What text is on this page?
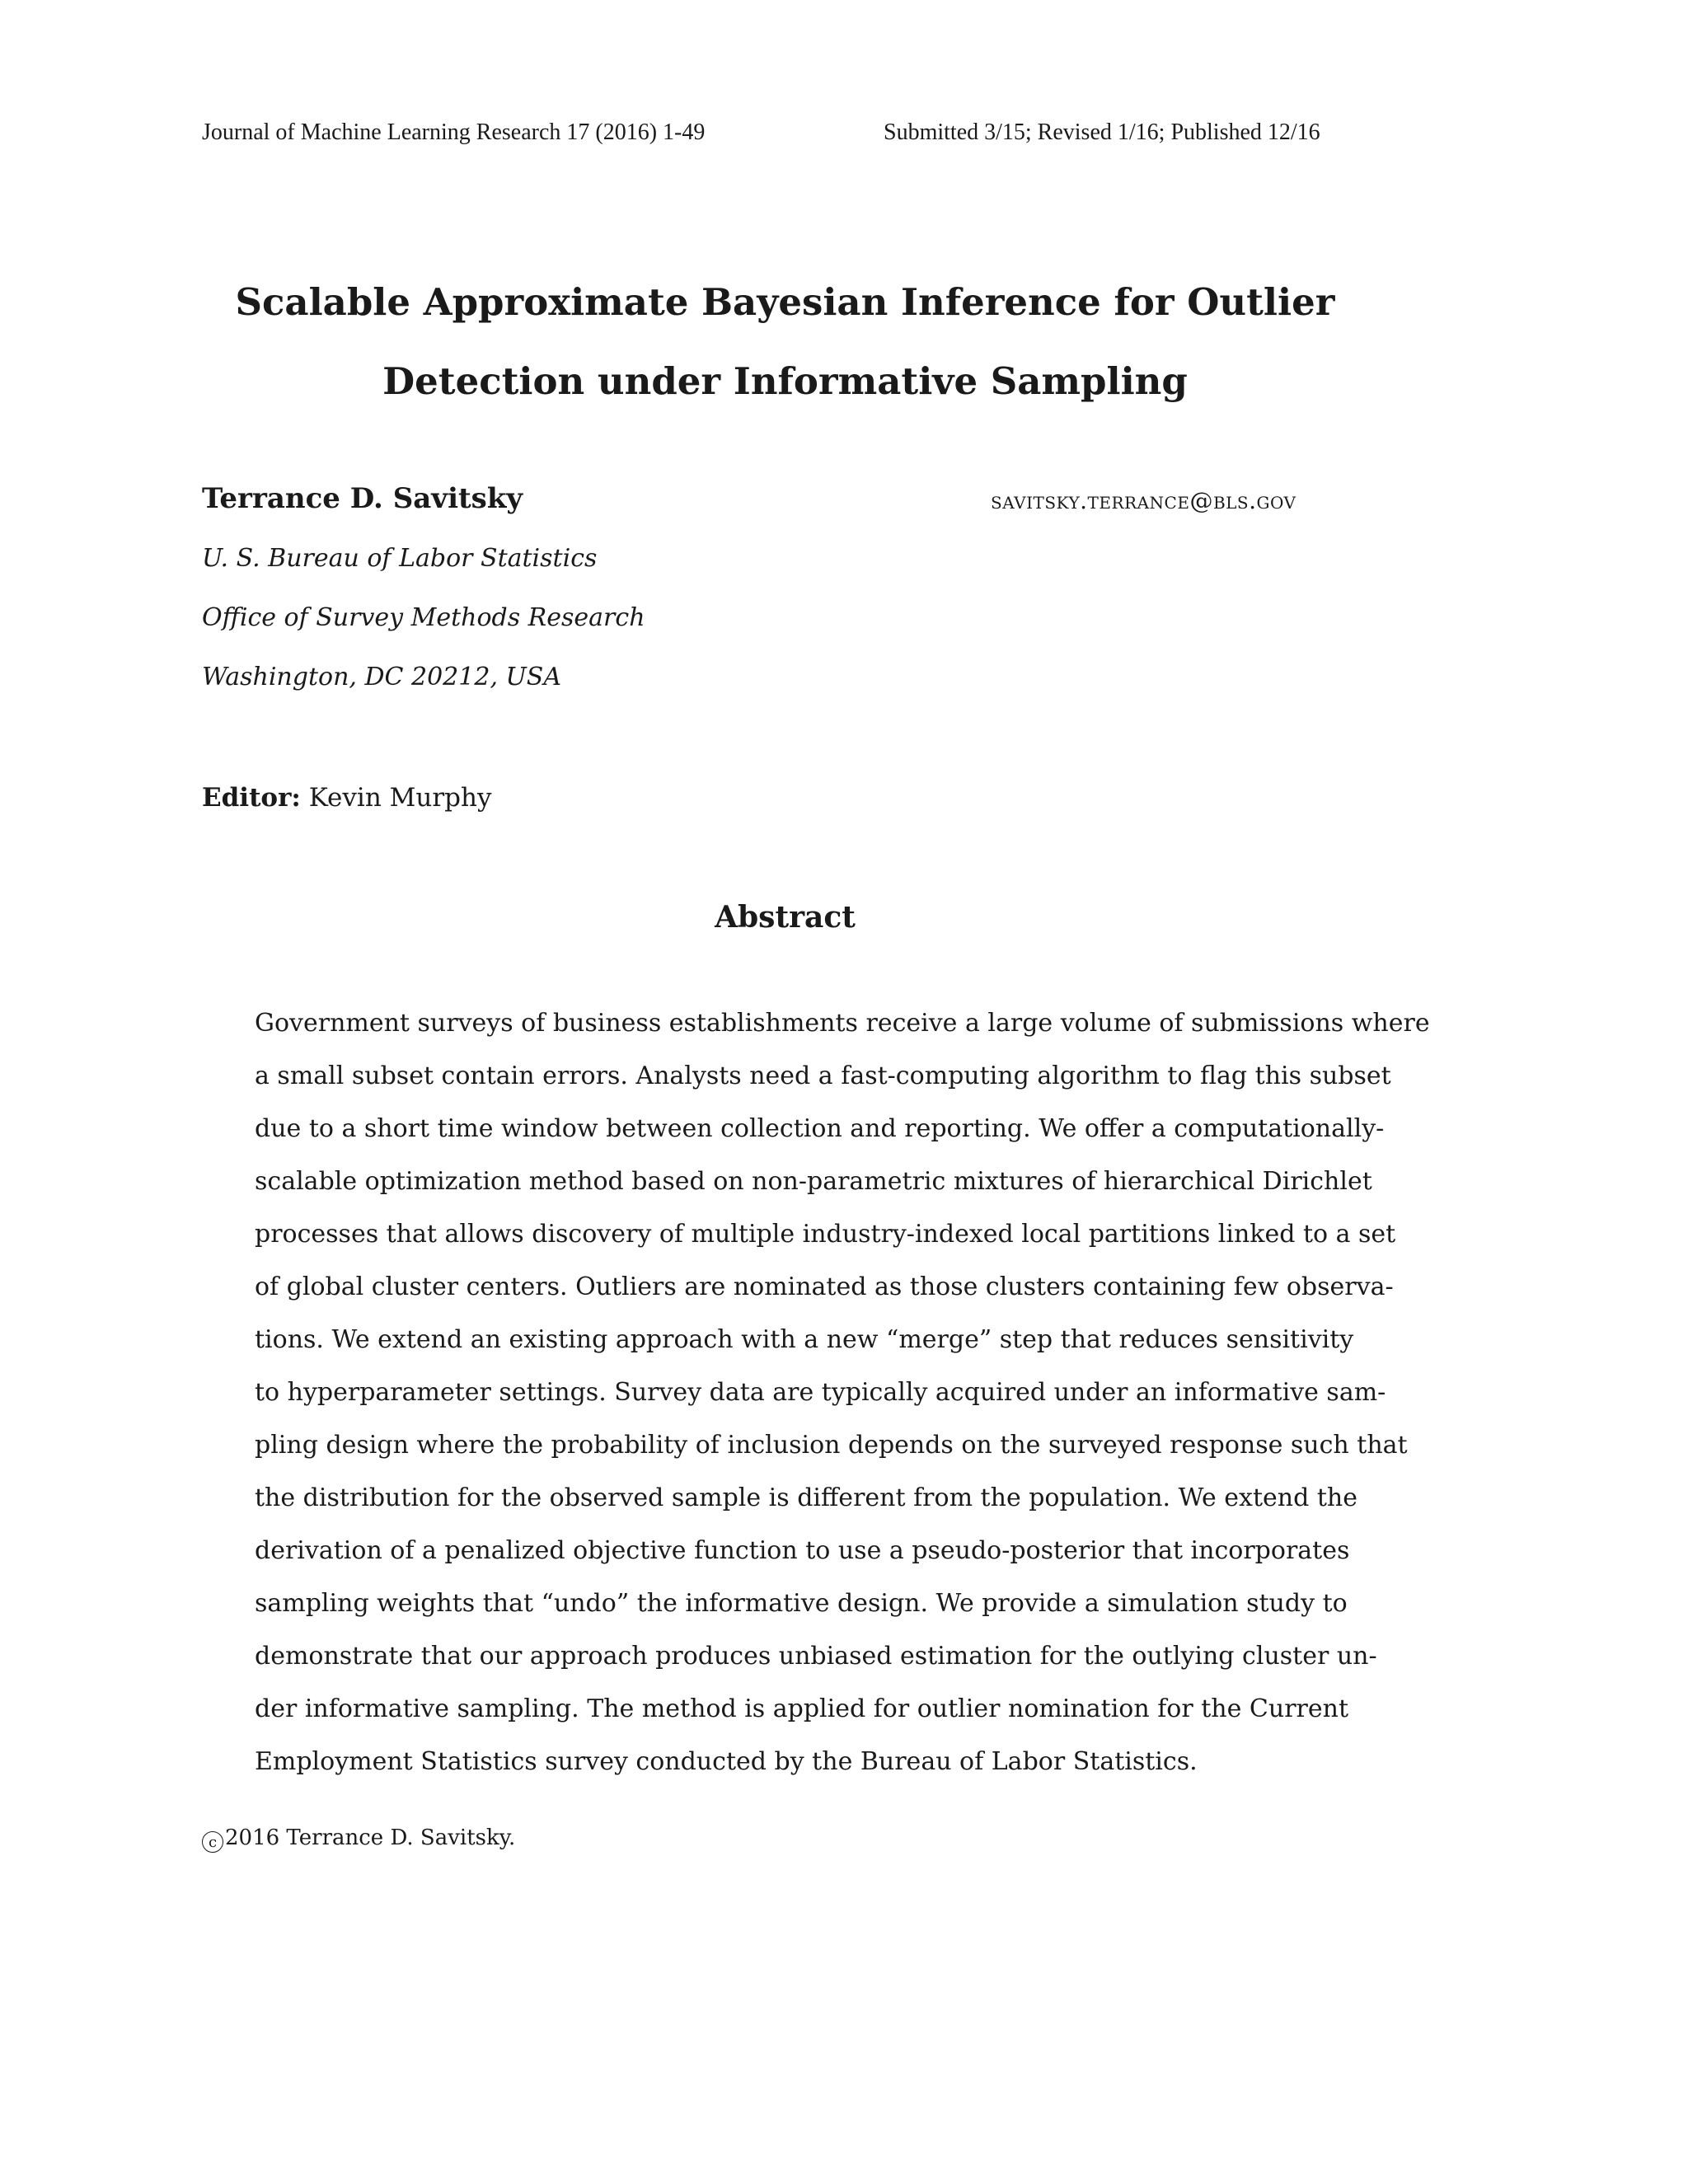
Journal of Machine Learning Research 17 (2016) 1-49	Submitted 3/15; Revised 1/16; Published 12/16
Scalable Approximate Bayesian Inference for Outlier
Detection under Informative Sampling
Terrance D. Savitsky	savitsky.terrance@bls.gov
U. S. Bureau of Labor Statistics
Office of Survey Methods Research
Washington, DC 20212, USA
Editor: Kevin Murphy
Abstract
Government surveys of business establishments receive a large volume of submissions where
a small subset contain errors. Analysts need a fast-computing algorithm to flag this subset
due to a short time window between collection and reporting. We offer a computationally-
scalable optimization method based on non-parametric mixtures of hierarchical Dirichlet
processes that allows discovery of multiple industry-indexed local partitions linked to a set
of global cluster centers. Outliers are nominated as those clusters containing few observa-
tions. We extend an existing approach with a new “merge” step that reduces sensitivity
to hyperparameter settings. Survey data are typically acquired under an informative sam-
pling design where the probability of inclusion depends on the surveyed response such that
the distribution for the observed sample is different from the population. We extend the
derivation of a penalized objective function to use a pseudo-posterior that incorporates
sampling weights that “undo” the informative design. We provide a simulation study to
demonstrate that our approach produces unbiased estimation for the outlying cluster un-
der informative sampling. The method is applied for outlier nomination for the Current
Employment Statistics survey conducted by the Bureau of Labor Statistics.
c 2016 Terrance D. Savitsky.
